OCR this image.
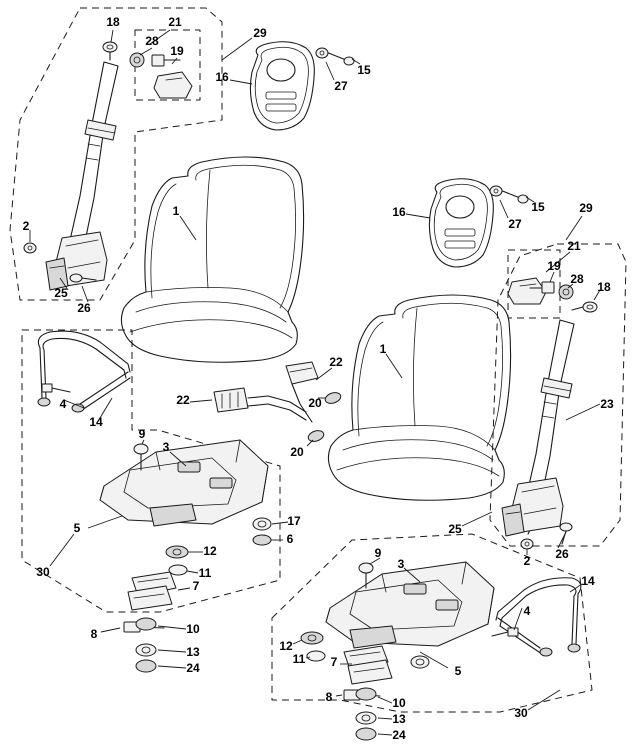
18	21
29
28
19
15
27
16
16	15
27
29
21
19
28
18
2
25
26
1
1
23
22
22	20
20
4
14
9
3
17
6
5
12
11
7
30
8	10
13
24
25
2 26
9
3
14
4
12
11 7
5
8	10
13
24
30
